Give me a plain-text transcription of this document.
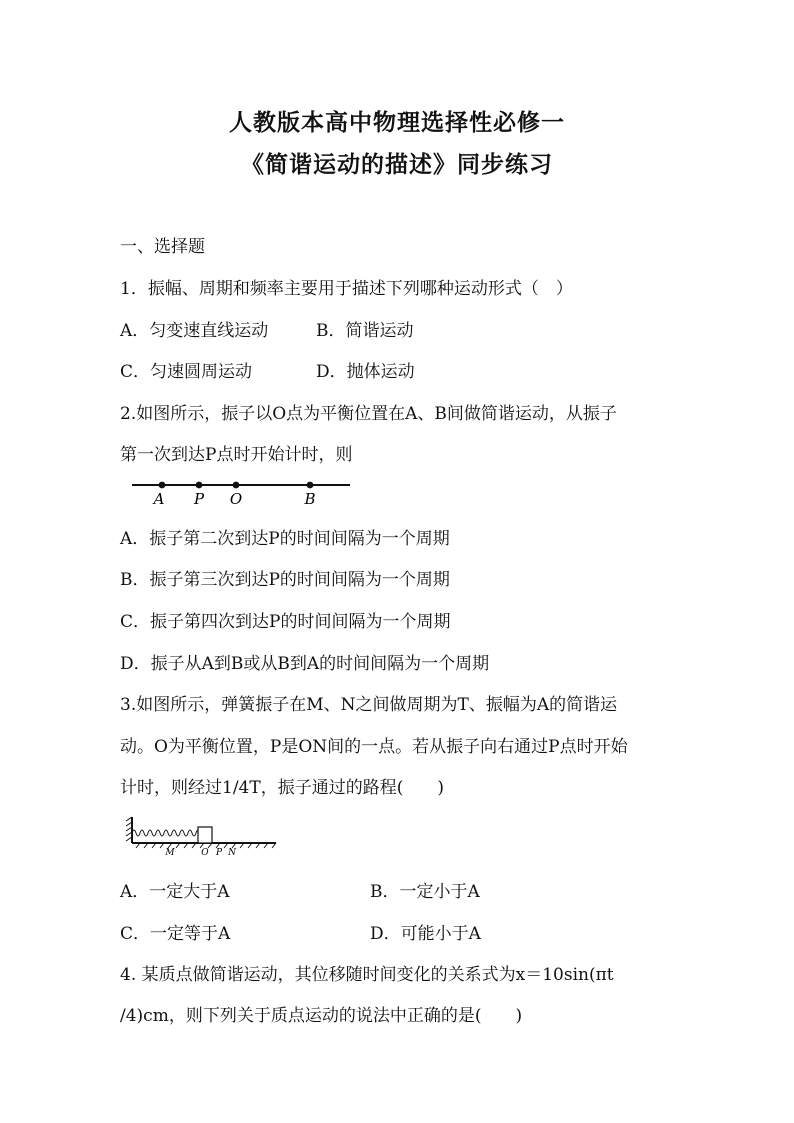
人教版本高中物理选择性必修一
《简谐运动的描述》同步练习
一、选择题
1．振幅、周期和频率主要用于描述下列哪种运动形式（　）
A．匀变速直线运动	B．简谐运动
C．匀速圆周运动	D．抛体运动
2.如图所示，振子以O点为平衡位置在A、B间做简谐运动，从振子
第一次到达P点时开始计时，则
A P O	B
A．振子第二次到达P的时间间隔为一个周期
B．振子第三次到达P的时间间隔为一个周期
C．振子第四次到达P的时间间隔为一个周期
D．振子从A到B或从B到A的时间间隔为一个周期
3.如图所示，弹簧振子在M、N之间做周期为T、振幅为A的简谐运
动。O为平衡位置，P是ON间的一点。若从振子向右通过P点时开始
计时，则经过1/4T，振子通过的路程(　　)
M	O P N
A．一定大于A	B．一定小于A
C．一定等于A	D．可能小于A
4. 某质点做简谐运动，其位移随时间变化的关系式为x＝10sin(πt
/4)cm，则下列关于质点运动的说法中正确的是(　　)
